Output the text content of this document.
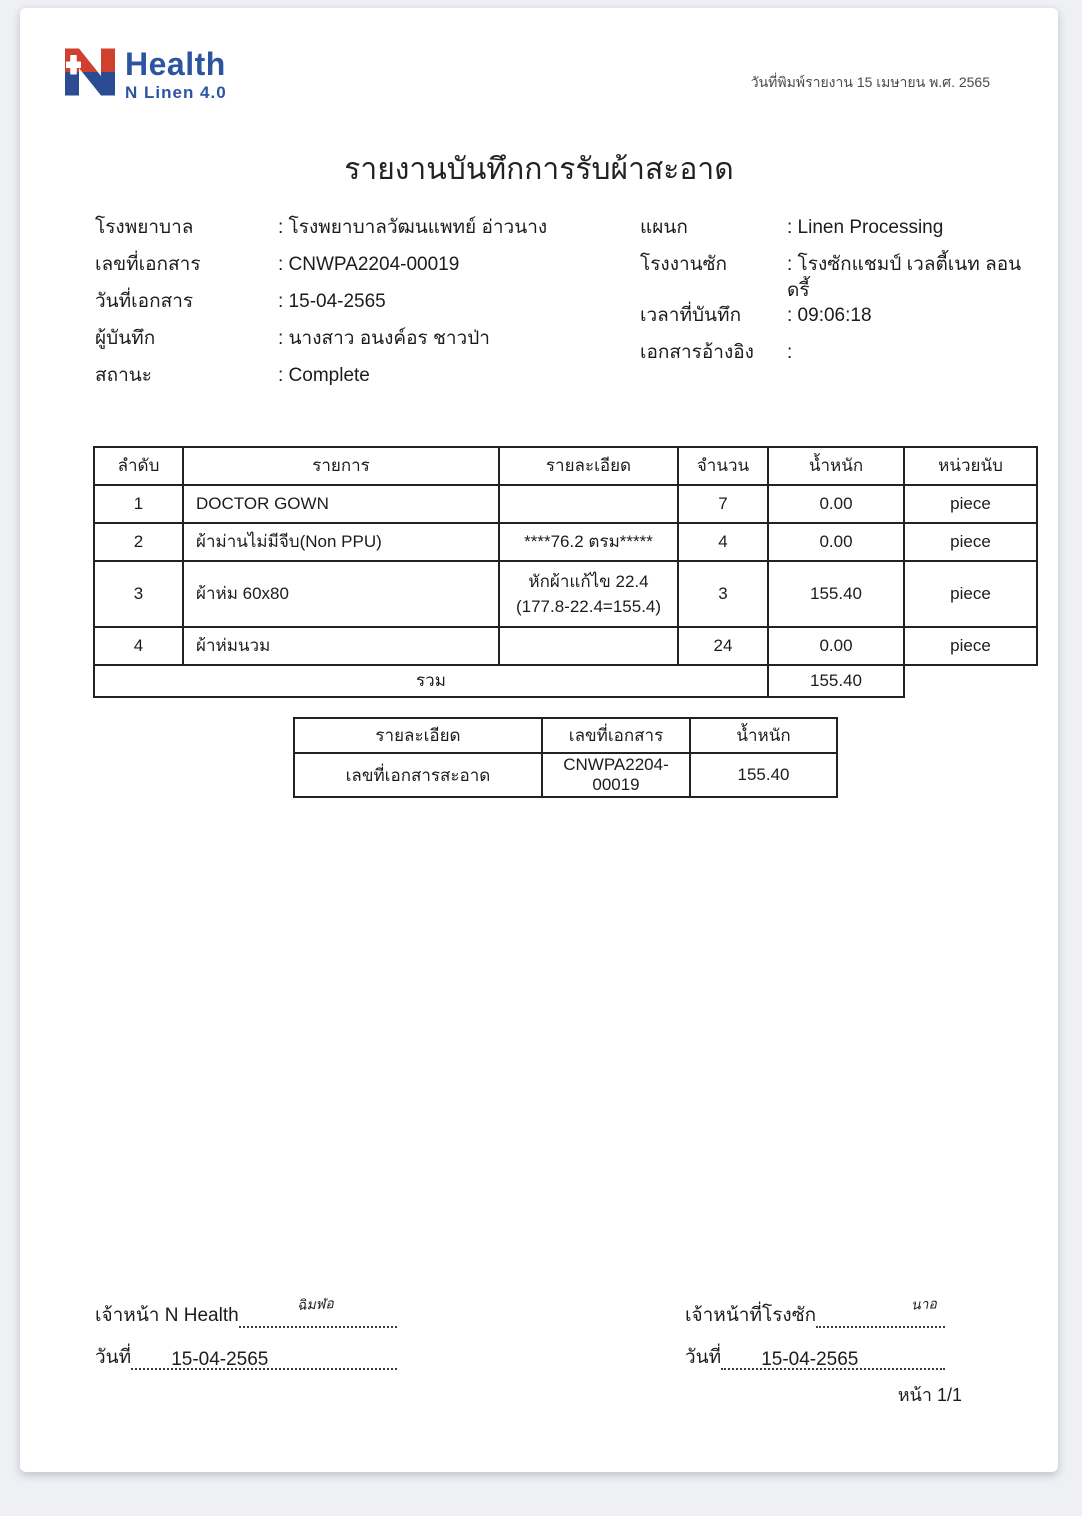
Health
N Linen 4.0
วันที่พิมพ์รายงาน 15 เมษายน พ.ศ. 2565
รายงานบันทึกการรับผ้าสะอาด
โรงพยาบาล	: โรงพยาบาลวัฒนแพทย์ อ่าวนาง
เลขที่เอกสาร	: CNWPA2204-00019
วันที่เอกสาร	: 15-04-2565
ผู้บันทึก	: นางสาว อนงค์อร ชาวป่า
สถานะ	: Complete
แผนก	: Linen Processing
โรงงานซัก	: โรงซักแชมป์ เวลตี้เนท ลอนดรี้
เวลาที่บันทึก	: 09:06:18
เอกสารอ้างอิง	:
ลำดับ	รายการ	รายละเอียด	จำนวน	น้ำหนัก	หน่วยนับ
1	DOCTOR GOWN		7	0.00	piece
2	ผ้าม่านไม่มีจีบ(Non PPU)	****76.2 ตรม*****	4	0.00	piece
3	ผ้าห่ม 60x80	หักผ้าแก้ไข 22.4
(177.8-22.4=155.4)	3	155.40	piece
4	ผ้าห่มนวม		24	0.00	piece
รวม				155.40	
รายละเอียด	เลขที่เอกสาร	น้ำหนัก
เลขที่เอกสารสะอาด	CNWPA2204-00019	155.40
เจ้าหน้า N Health
ฉิมฬอ
วันที่ 15-04-2565
เจ้าหน้าที่โรงซัก
นาอ
วันที่ 15-04-2565
หน้า 1/1
